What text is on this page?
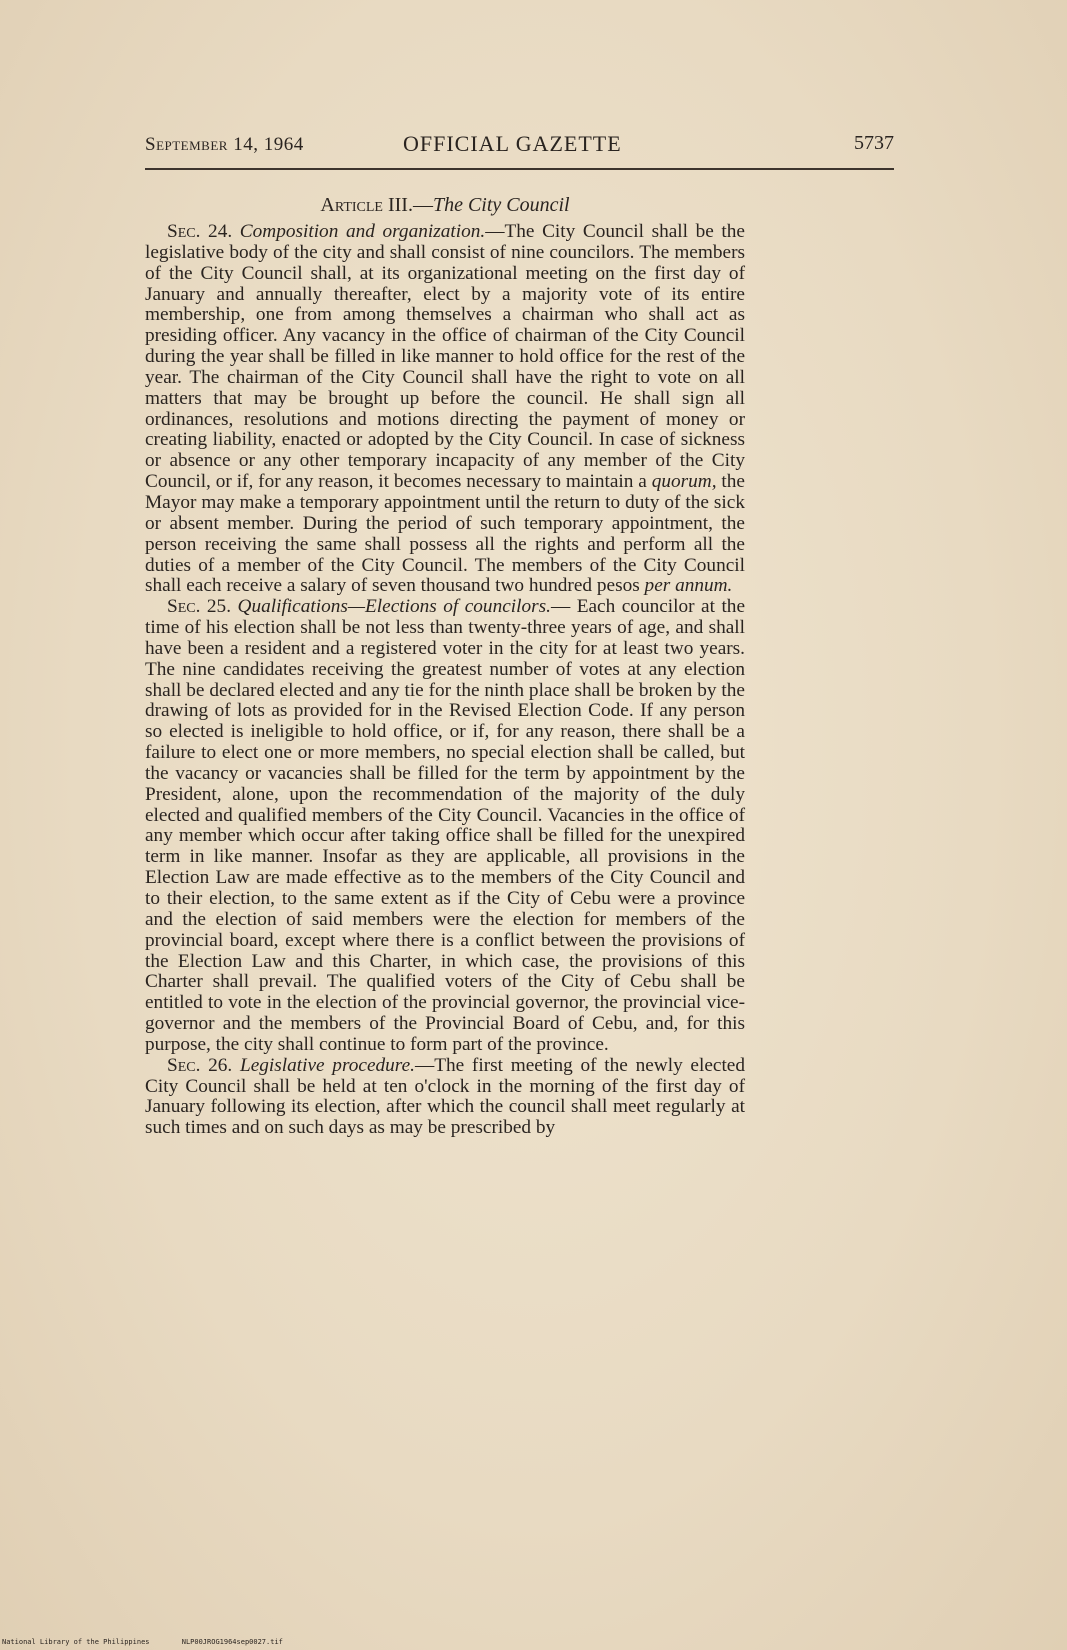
September 14, 1964	OFFICIAL GAZETTE	5737
Article III.—The City Council

Sec. 24. Composition and organization.—The City Council shall be the legislative body of the city and shall consist of nine councilors. The members of the City Council shall, at its organizational meeting on the first day of January and annually thereafter, elect by a majority vote of its entire membership, one from among themselves a chairman who shall act as presiding officer. Any vacancy in the office of chairman of the City Council during the year shall be filled in like manner to hold office for the rest of the year. The chairman of the City Council shall have the right to vote on all matters that may be brought up before the council. He shall sign all ordinances, resolutions and motions directing the payment of money or creating liability, enacted or adopted by the City Council. In case of sickness or absence or any other temporary incapacity of any member of the City Council, or if, for any reason, it becomes necessary to maintain a quorum, the Mayor may make a temporary appointment until the return to duty of the sick or absent member. During the period of such temporary appointment, the person receiving the same shall possess all the rights and perform all the duties of a member of the City Council. The members of the City Council shall each receive a salary of seven thousand two hundred pesos per annum.

Sec. 25. Qualifications—Elections of councilors.— Each councilor at the time of his election shall be not less than twenty-three years of age, and shall have been a resident and a registered voter in the city for at least two years. The nine candidates receiving the greatest number of votes at any election shall be declared elected and any tie for the ninth place shall be broken by the drawing of lots as provided for in the Revised Election Code. If any person so elected is ineligible to hold office, or if, for any reason, there shall be a failure to elect one or more members, no special election shall be called, but the vacancy or vacancies shall be filled for the term by appointment by the President, alone, upon the recommendation of the majority of the duly elected and qualified members of the City Council. Vacancies in the office of any member which occur after taking office shall be filled for the unexpired term in like manner. Insofar as they are applicable, all provisions in the Election Law are made effective as to the members of the City Council and to their election, to the same extent as if the City of Cebu were a province and the election of said members were the election for members of the provincial board, except where there is a conflict between the provisions of the Election Law and this Charter, in which case, the provisions of this Charter shall prevail. The qualified voters of the City of Cebu shall be entitled to vote in the election of the provincial governor, the provincial vice-governor and the members of the Provincial Board of Cebu, and, for this purpose, the city shall continue to form part of the province.

Sec. 26. Legislative procedure.—The first meeting of the newly elected City Council shall be held at ten o'clock in the morning of the first day of January following its election, after which the council shall meet regularly at such times and on such days as may be prescribed by

National Library of the Philippines	NLP00JROG1964sep0027.tif
